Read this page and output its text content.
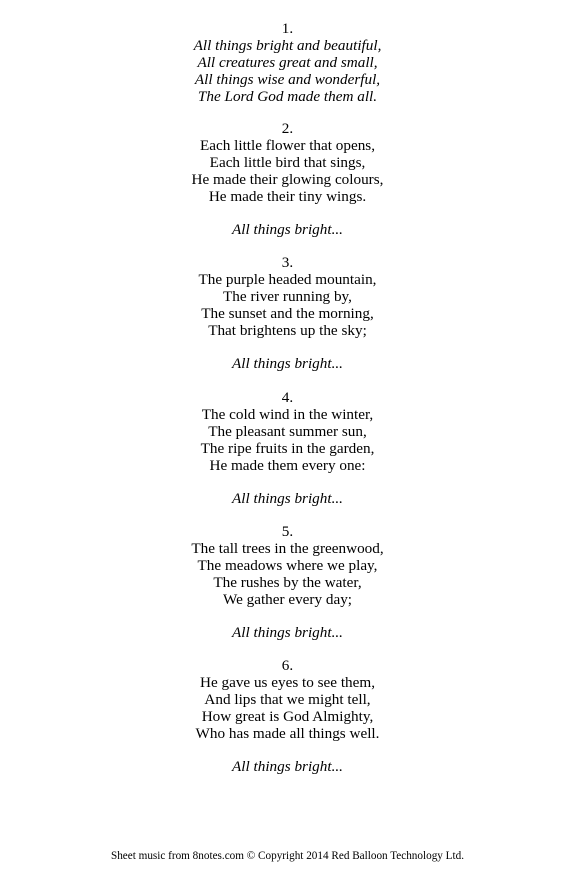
1.
All things bright and beautiful,
All creatures great and small,
All things wise and wonderful,
The Lord God made them all.
2.
Each little flower that opens,
Each little bird that sings,
He made their glowing colours,
He made their tiny wings.
All things bright...
3.
The purple headed mountain,
The river running by,
The sunset and the morning,
That brightens up the sky;
All things bright...
4.
The cold wind in the winter,
The pleasant summer sun,
The ripe fruits in the garden,
He made them every one:
All things bright...
5.
The tall trees in the greenwood,
The meadows where we play,
The rushes by the water,
We gather every day;
All things bright...
6.
He gave us eyes to see them,
And lips that we might tell,
How great is God Almighty,
Who has made all things well.
All things bright...
Sheet music from 8notes.com © Copyright 2014 Red Balloon Technology Ltd.
